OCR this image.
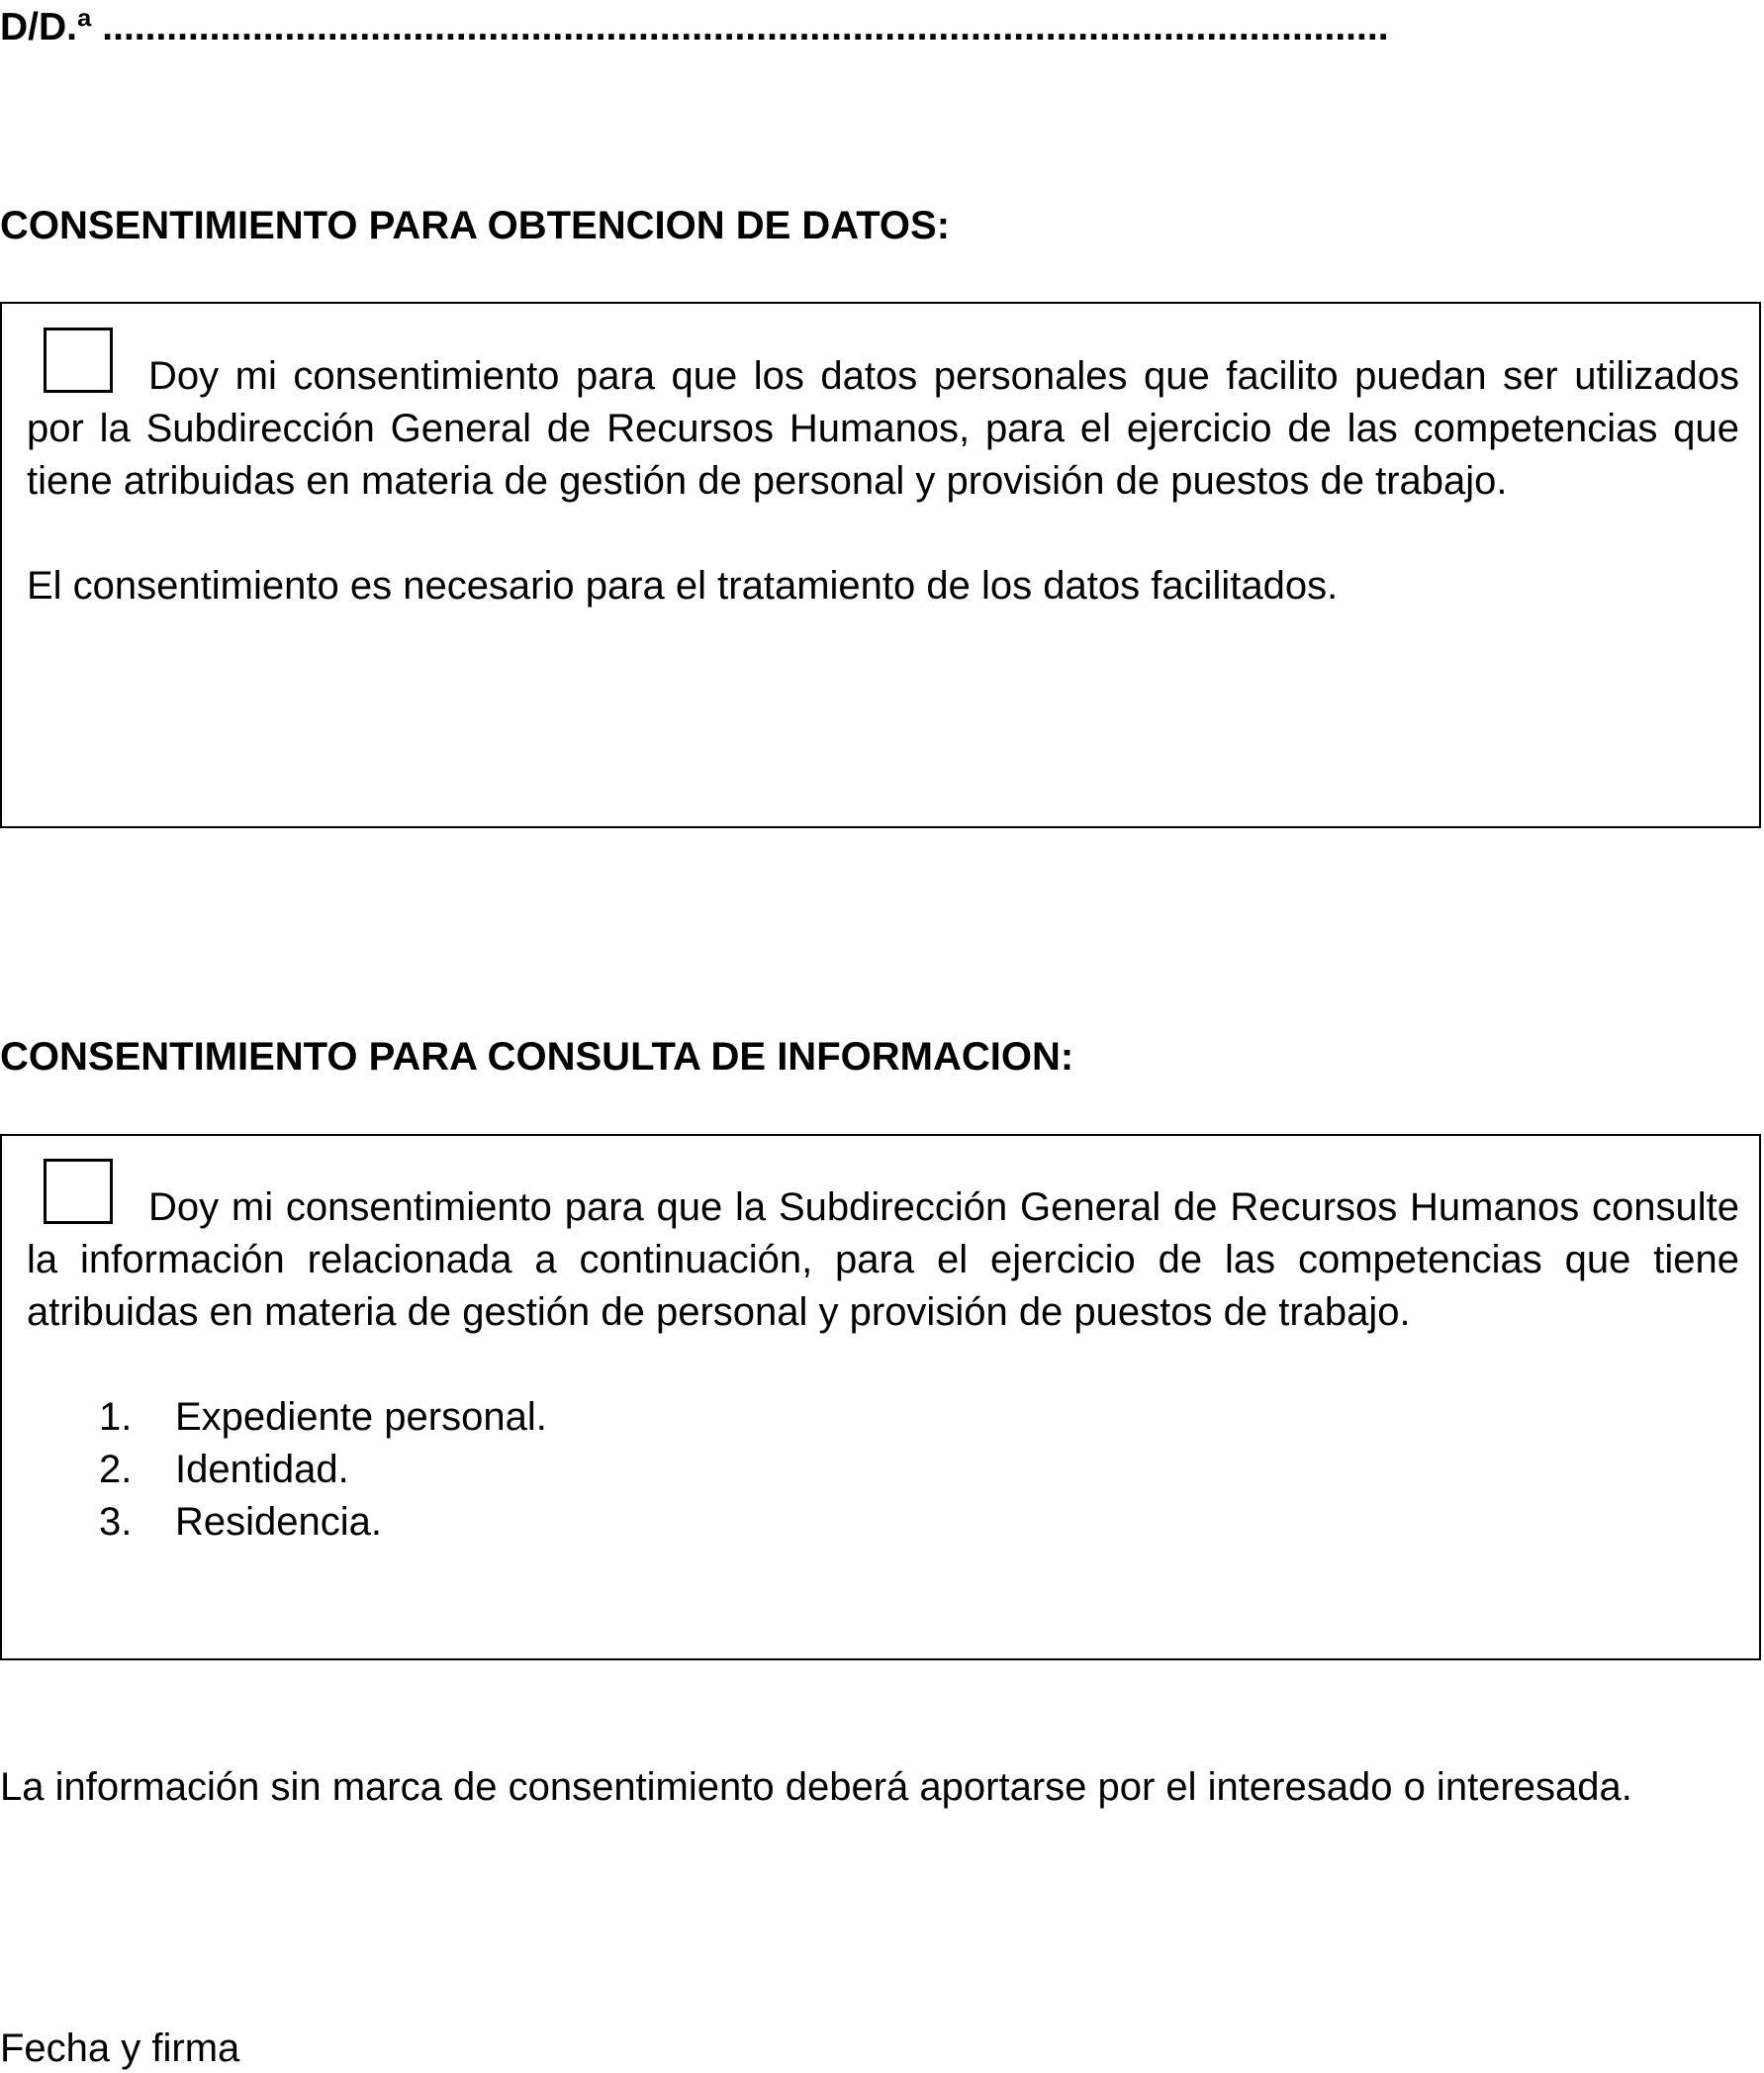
D/D.ª ........................................................................................................................
CONSENTIMIENTO PARA OBTENCION DE DATOS:

Doy mi consentimiento para que los datos personales que facilito puedan ser utilizados por la Subdirección General de Recursos Humanos, para el ejercicio de las competencias que tiene atribuidas en materia de gestión de personal y provisión de puestos de trabajo.

El consentimiento es necesario para el tratamiento de los datos facilitados.

CONSENTIMIENTO PARA CONSULTA DE INFORMACION:

Doy mi consentimiento para que la Subdirección General de Recursos Humanos consulte la información relacionada a continuación, para el ejercicio de las competencias que tiene atribuidas en materia de gestión de personal y provisión de puestos de trabajo.

1. Expediente personal.
2. Identidad.
3. Residencia.
La información sin marca de consentimiento deberá aportarse por el interesado o interesada.
Fecha y firma
